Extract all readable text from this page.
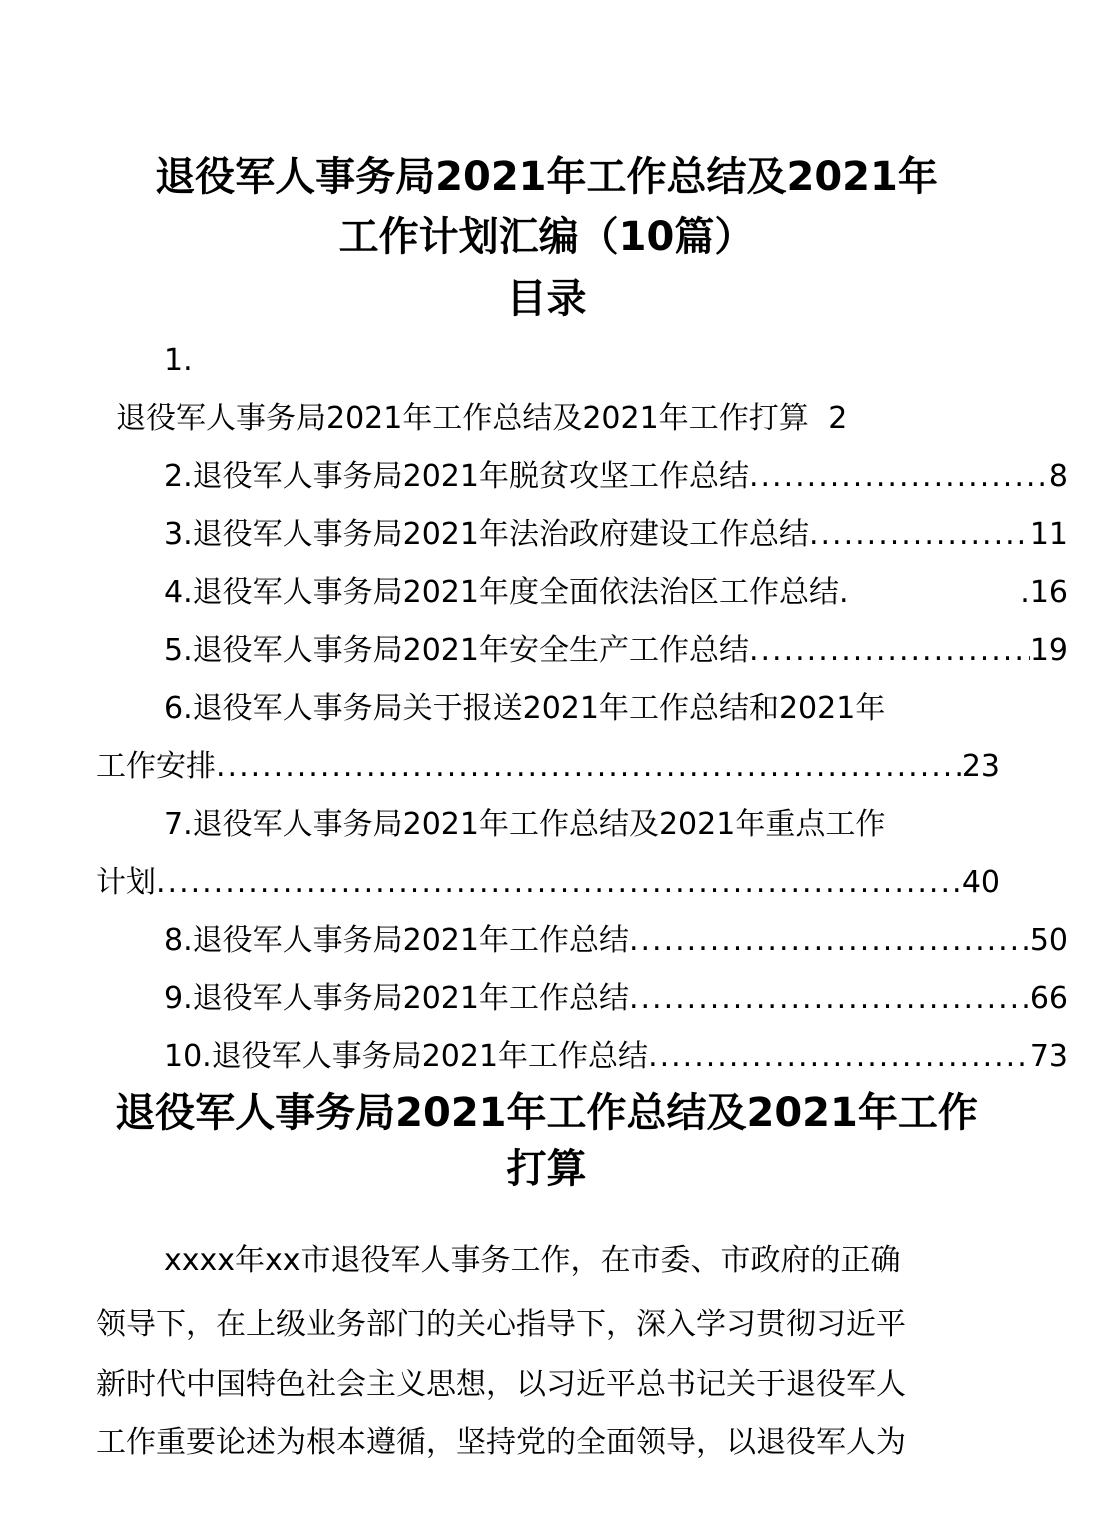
退役军人事务局2021年工作总结及2021年
工作计划汇编（10篇）
目录
1.
退役军人事务局2021年工作总结及2021年工作打算 2
2.退役军人事务局2021年脱贫攻坚工作总结 .....	8
3.退役军人事务局2021年法治政府建设工作总结 .....	11
4.退役军人事务局2021年度全面依法治区工作总结.	.16
5.退役军人事务局2021年安全生产工作总结 .....	19
6.退役军人事务局关于报送2021年工作总结和2021年
工作安排 .....	23
7.退役军人事务局2021年工作总结及2021年重点工作
计划 .....	40
8.退役军人事务局2021年工作总结 .....	50
9.退役军人事务局2021年工作总结 .....	66
10.退役军人事务局2021年工作总结 .....	73
退役军人事务局2021年工作总结及2021年工作
打算
xxxx年xx市退役军人事务工作，在市委、市政府的正确
领导下，在上级业务部门的关心指导下，深入学习贯彻习近平
新时代中国特色社会主义思想，以习近平总书记关于退役军人
工作重要论述为根本遵循，坚持党的全面领导，以退役军人为
